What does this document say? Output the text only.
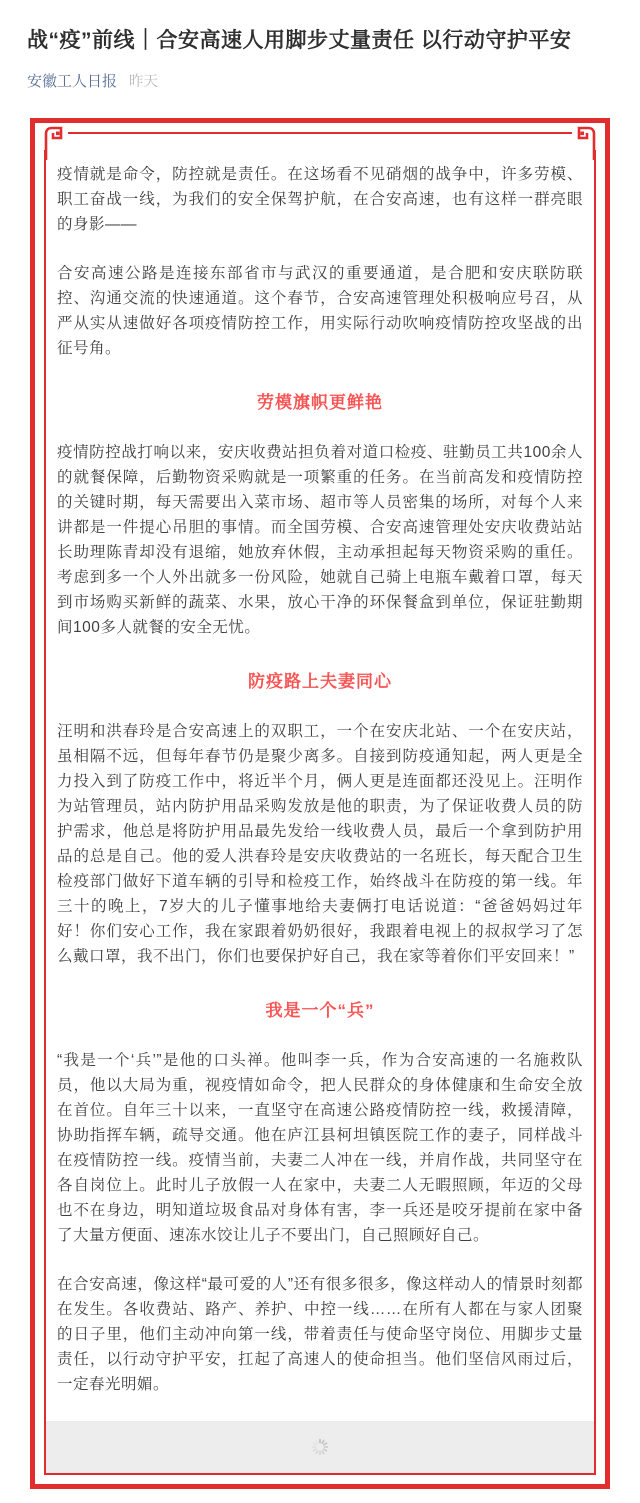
战“疫”前线｜合安高速人用脚步丈量责任 以行动守护平安
安徽工人日报 昨天

疫情就是命令，防控就是责任。在这场看不见硝烟的战争中，许多劳模、职工奋战一线，为我们的安全保驾护航，在合安高速，也有这样一群亮眼的身影——

合安高速公路是连接东部省市与武汉的重要通道，是合肥和安庆联防联控、沟通交流的快速通道。这个春节，合安高速管理处积极响应号召，从严从实从速做好各项疫情防控工作，用实际行动吹响疫情防控攻坚战的出征号角。

劳模旗帜更鲜艳

疫情防控战打响以来，安庆收费站担负着对道口检疫、驻勤员工共100余人的就餐保障，后勤物资采购就是一项繁重的任务。在当前高发和疫情防控的关键时期，每天需要出入菜市场、超市等人员密集的场所，对每个人来讲都是一件提心吊胆的事情。而全国劳模、合安高速管理处安庆收费站站长助理陈青却没有退缩，她放弃休假，主动承担起每天物资采购的重任。考虑到多一个人外出就多一份风险，她就自己骑上电瓶车戴着口罩，每天到市场购买新鲜的蔬菜、水果，放心干净的环保餐盒到单位，保证驻勤期间100多人就餐的安全无忧。

防疫路上夫妻同心

汪明和洪春玲是合安高速上的双职工，一个在安庆北站、一个在安庆站，虽相隔不远，但每年春节仍是聚少离多。自接到防疫通知起，两人更是全力投入到了防疫工作中，将近半个月，俩人更是连面都还没见上。汪明作为站管理员，站内防护用品采购发放是他的职责，为了保证收费人员的防护需求，他总是将防护用品最先发给一线收费人员，最后一个拿到防护用品的总是自己。他的爱人洪春玲是安庆收费站的一名班长，每天配合卫生检疫部门做好下道车辆的引导和检疫工作，始终战斗在防疫的第一线。年三十的晚上，7岁大的儿子懂事地给夫妻俩打电话说道：“爸爸妈妈过年好！你们安心工作，我在家跟着奶奶很好，我跟着电视上的叔叔学习了怎么戴口罩，我不出门，你们也要保护好自己，我在家等着你们平安回来！”

我是一个“兵”

“我是一个‘兵’”是他的口头禅。他叫李一兵，作为合安高速的一名施救队员，他以大局为重，视疫情如命令，把人民群众的身体健康和生命安全放在首位。自年三十以来，一直坚守在高速公路疫情防控一线，救援清障，协助指挥车辆，疏导交通。他在庐江县柯坦镇医院工作的妻子，同样战斗在疫情防控一线。疫情当前，夫妻二人冲在一线，并肩作战，共同坚守在各自岗位上。此时儿子放假一人在家中，夫妻二人无暇照顾，年迈的父母也不在身边，明知道垃圾食品对身体有害，李一兵还是咬牙提前在家中备了大量方便面、速冻水饺让儿子不要出门，自己照顾好自己。

在合安高速，像这样“最可爱的人”还有很多很多，像这样动人的情景时刻都在发生。各收费站、路产、养护、中控一线……在所有人都在与家人团聚的日子里，他们主动冲向第一线，带着责任与使命坚守岗位、用脚步丈量责任，以行动守护平安，扛起了高速人的使命担当。他们坚信风雨过后，一定春光明媚。
